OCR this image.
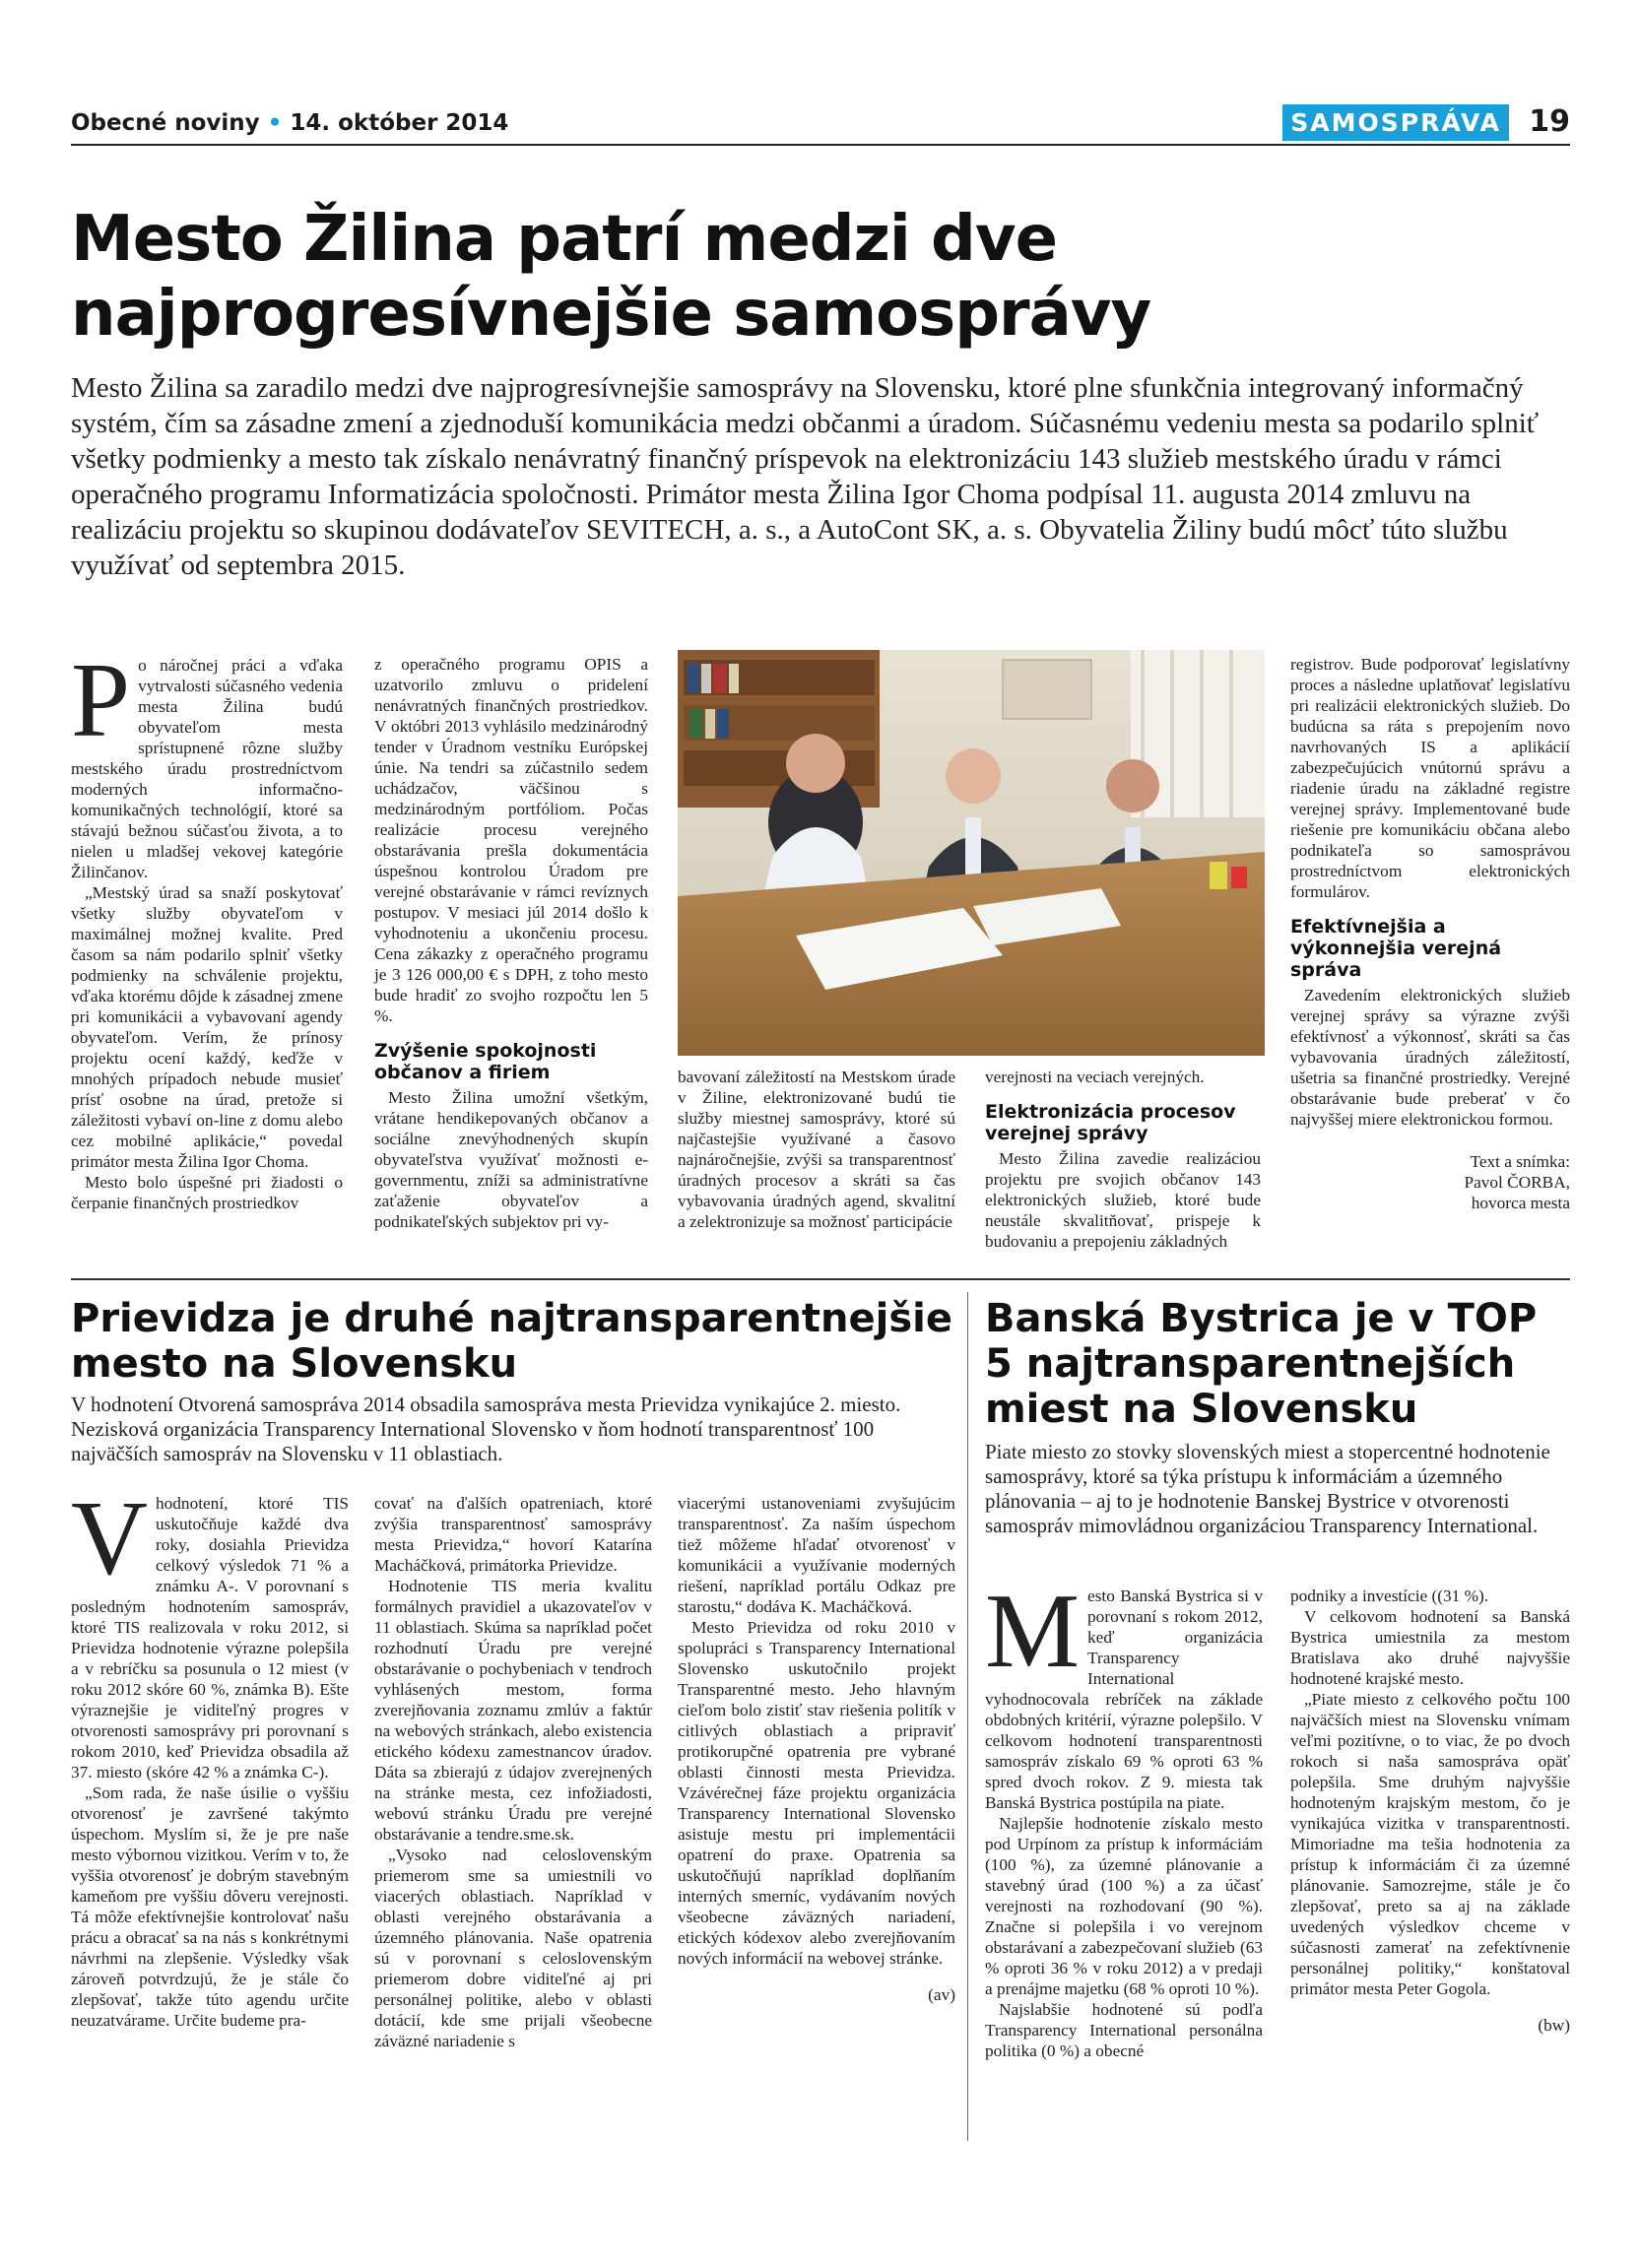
Obecné noviny • 14. október 2014	SAMOSPRÁVA 19
Mesto Žilina patrí medzi dve najprogresívnejšie samosprávy
Mesto Žilina sa zaradilo medzi dve najprogresívnejšie samosprávy na Slovensku, ktoré plne sfunkčnia integrovaný informačný systém, čím sa zásadne zmení a zjednoduší komunikácia medzi občanmi a úradom. Súčasnému vedeniu mesta sa podarilo splniť všetky podmienky a mesto tak získalo nenávratný finančný príspevok na elektronizáciu 143 služieb mestského úradu v rámci operačného programu Informatizácia spoločnosti. Primátor mesta Žilina Igor Choma podpísal 11. augusta 2014 zmluvu na realizáciu projektu so skupinou dodávateľov SEVITECH, a. s., a AutoCont SK, a. s. Obyvatelia Žiliny budú môcť túto službu využívať od septembra 2015.

Po náročnej práci a vďaka vytrvalosti súčasného vedenia mesta Žilina budú obyvateľom mesta sprístupnené rôzne služby mestského úradu prostredníctvom moderných informačno-komunikačných technológií, ktoré sa stávajú bežnou súčasťou života, a to nielen u mladšej vekovej kategórie Žilinčanov.

„Mestský úrad sa snaží poskytovať všetky služby obyvateľom v maximálnej možnej kvalite. Pred časom sa nám podarilo splniť všetky podmienky na schválenie projektu, vďaka ktorému dôjde k zásadnej zmene pri komunikácii a vybavovaní agendy obyvateľom. Verím, že prínosy projektu ocení každý, keďže v mnohých prípadoch nebude musieť prísť osobne na úrad, pretože si záležitosti vybaví on-line z domu alebo cez mobilné aplikácie,“ povedal primátor mesta Žilina Igor Choma.

Mesto bolo úspešné pri žiadosti o čerpanie finančných prostriedkov

z operačného programu OPIS a uzatvorilo zmluvu o pridelení nenávratných finančných prostriedkov. V októbri 2013 vyhlásilo medzinárodný tender v Úradnom vestníku Európskej únie. Na tendri sa zúčastnilo sedem uchádzačov, väčšinou s medzinárodným portfóliom. Počas realizácie procesu verejného obstarávania prešla dokumentácia úspešnou kontrolou Úradom pre verejné obstarávanie v rámci revíznych postupov. V mesiaci júl 2014 došlo k vyhodnoteniu a ukončeniu procesu. Cena zákazky z operačného programu je 3 126 000,00 € s DPH, z toho mesto bude hradiť zo svojho rozpočtu len 5 %.

Zvýšenie spokojnosti občanov a firiem

Mesto Žilina umožní všetkým, vrátane hendikepovaných občanov a sociálne znevýhodnených skupín obyvateľstva využívať možnosti e-governmentu, zníži sa administratívne zaťaženie obyvateľov a podnikateľských subjektov pri vy-

bavovaní záležitostí na Mestskom úrade v Žiline, elektronizované budú tie služby miestnej samosprávy, ktoré sú najčastejšie využívané a časovo najnáročnejšie, zvýši sa transparentnosť úradných procesov a skráti sa čas vybavovania úradných agend, skvalitní a zelektronizuje sa možnosť participácie

verejnosti na veciach verejných.

Elektronizácia procesov verejnej správy

Mesto Žilina zavedie realizáciou projektu pre svojich občanov 143 elektronických služieb, ktoré bude neustále skvalitňovať, prispeje k budovaniu a prepojeniu základných

registrov. Bude podporovať legislatívny proces a následne uplatňovať legislatívu pri realizácii elektronických služieb. Do budúcna sa ráta s prepojením novo navrhovaných IS a aplikácií zabezpečujúcich vnútornú správu a riadenie úradu na základné registre verejnej správy. Implementované bude riešenie pre komunikáciu občana alebo podnikateľa so samosprávou prostredníctvom elektronických formulárov.

Efektívnejšia a výkonnejšia verejná správa

Zavedením elektronických služieb verejnej správy sa výrazne zvýši efektívnosť a výkonnosť, skráti sa čas vybavovania úradných záležitostí, ušetria sa finančné prostriedky. Verejné obstarávanie bude preberať v čo najvyššej miere elektronickou formou.

Text a snímka:
Pavol ČORBA,
hovorca mesta
Prievidza je druhé najtransparentnejšie mesto na Slovensku
V hodnotení Otvorená samospráva 2014 obsadila samospráva mesta Prievidza vynikajúce 2. miesto. Nezisková organizácia Transparency International Slovensko v ňom hodnotí transparentnosť 100 najväčších samospráv na Slovensku v 11 oblastiach.

Vhodnotení, ktoré TIS uskutočňuje každé dva roky, dosiahla Prievidza celkový výsledok 71 % a známku A-. V porovnaní s posledným hodnotením samospráv, ktoré TIS realizovala v roku 2012, si Prievidza hodnotenie výrazne polepšila a v rebríčku sa posunula o 12 miest (v roku 2012 skóre 60 %, známka B). Ešte výraznejšie je viditeľný progres v otvorenosti samosprávy pri porovnaní s rokom 2010, keď Prievidza obsadila až 37. miesto (skóre 42 % a známka C-).

„Som rada, že naše úsilie o vyššiu otvorenosť je završené takýmto úspechom. Myslím si, že je pre naše mesto výbornou vizitkou. Verím v to, že vyššia otvorenosť je dobrým stavebným kameňom pre vyššiu dôveru verejnosti. Tá môže efektívnejšie kontrolovať našu prácu a obracať sa na nás s konkrétnymi návrhmi na zlepšenie. Výsledky však zároveň potvrdzujú, že je stále čo zlepšovať, takže túto agendu určite neuzatvárame. Určite budeme pra-

covať na ďalších opatreniach, ktoré zvýšia transparentnosť samosprávy mesta Prievidza,“ hovorí Katarína Macháčková, primátorka Prievidze.

Hodnotenie TIS meria kvalitu formálnych pravidiel a ukazovateľov v 11 oblastiach. Skúma sa napríklad počet rozhodnutí Úradu pre verejné obstarávanie o pochybeniach v tendroch vyhlásených mestom, forma zverejňovania zoznamu zmlúv a faktúr na webových stránkach, alebo existencia etického kódexu zamestnancov úradov. Dáta sa zbierajú z údajov zverejnených na stránke mesta, cez infožiadosti, webovú stránku Úradu pre verejné obstarávanie a tendre.sme.sk.

„Vysoko nad celoslovenským priemerom sme sa umiestnili vo viacerých oblastiach. Napríklad v oblasti verejného obstarávania a územného plánovania. Naše opatrenia sú v porovnaní s celoslovenským priemerom dobre viditeľné aj pri personálnej politike, alebo v oblasti dotácií, kde sme prijali všeobecne záväzné nariadenie s

viacerými ustanoveniami zvyšujúcim transparentnosť. Za naším úspechom tiež môžeme hľadať otvorenosť v komunikácii a využívanie moderných riešení, napríklad portálu Odkaz pre starostu,“ dodáva K. Macháčková.

Mesto Prievidza od roku 2010 v spolupráci s Transparency International Slovensko uskutočnilo projekt Transparentné mesto. Jeho hlavným cieľom bolo zistiť stav riešenia politík v citlivých oblastiach a pripraviť protikorupčné opatrenia pre vybrané oblasti činnosti mesta Prievidza. Vzávérečnej fáze projektu organizácia Transparency International Slovensko asistuje mestu pri implementácii opatrení do praxe. Opatrenia sa uskutočňujú napríklad doplňaním interných smerníc, vydávaním nových všeobecne záväzných nariadení, etických kódexov alebo zverejňovaním nových informácií na webovej stránke.

(av)
Banská Bystrica je v TOP 5 najtransparentnejších miest na Slovensku
Piate miesto zo stovky slovenských miest a stopercentné hodnotenie samosprávy, ktoré sa týka prístupu k informáciám a územného plánovania – aj to je hodnotenie Banskej Bystrice v otvorenosti samospráv mimovládnou organizáciou Transparency International.

Mesto Banská Bystrica si v porovnaní s rokom 2012, keď organizácia Transparency International vyhodnocovala rebríček na základe obdobných kritérií, výrazne polepšilo. V celkovom hodnotení transparentnosti samospráv získalo 69 % oproti 63 % spred dvoch rokov. Z 9. miesta tak Banská Bystrica postúpila na piate.

Najlepšie hodnotenie získalo mesto pod Urpínom za prístup k informáciám (100 %), za územné plánovanie a stavebný úrad (100 %) a za účasť verejnosti na rozhodovaní (90 %). Značne si polepšila i vo verejnom obstarávaní a zabezpečovaní služieb (63 % oproti 36 % v roku 2012) a v predaji a prenájme majetku (68 % oproti 10 %).

Najslabšie hodnotené sú podľa Transparency International personálna politika (0 %) a obecné

podniky a investície ((31 %).

V celkovom hodnotení sa Banská Bystrica umiestnila za mestom Bratislava ako druhé najvyššie hodnotené krajské mesto.

„Piate miesto z celkového počtu 100 najväčších miest na Slovensku vnímam veľmi pozitívne, o to viac, že po dvoch rokoch si naša samospráva opäť polepšila. Sme druhým najvyššie hodnoteným krajským mestom, čo je vynikajúca vizitka v transparentnosti. Mimoriadne ma tešia hodnotenia za prístup k informáciám či za územné plánovanie. Samozrejme, stále je čo zlepšovať, preto sa aj na základe uvedených výsledkov chceme v súčasnosti zamerať na zefektívnenie personálnej politiky,“ konštatoval primátor mesta Peter Gogola.

(bw)
